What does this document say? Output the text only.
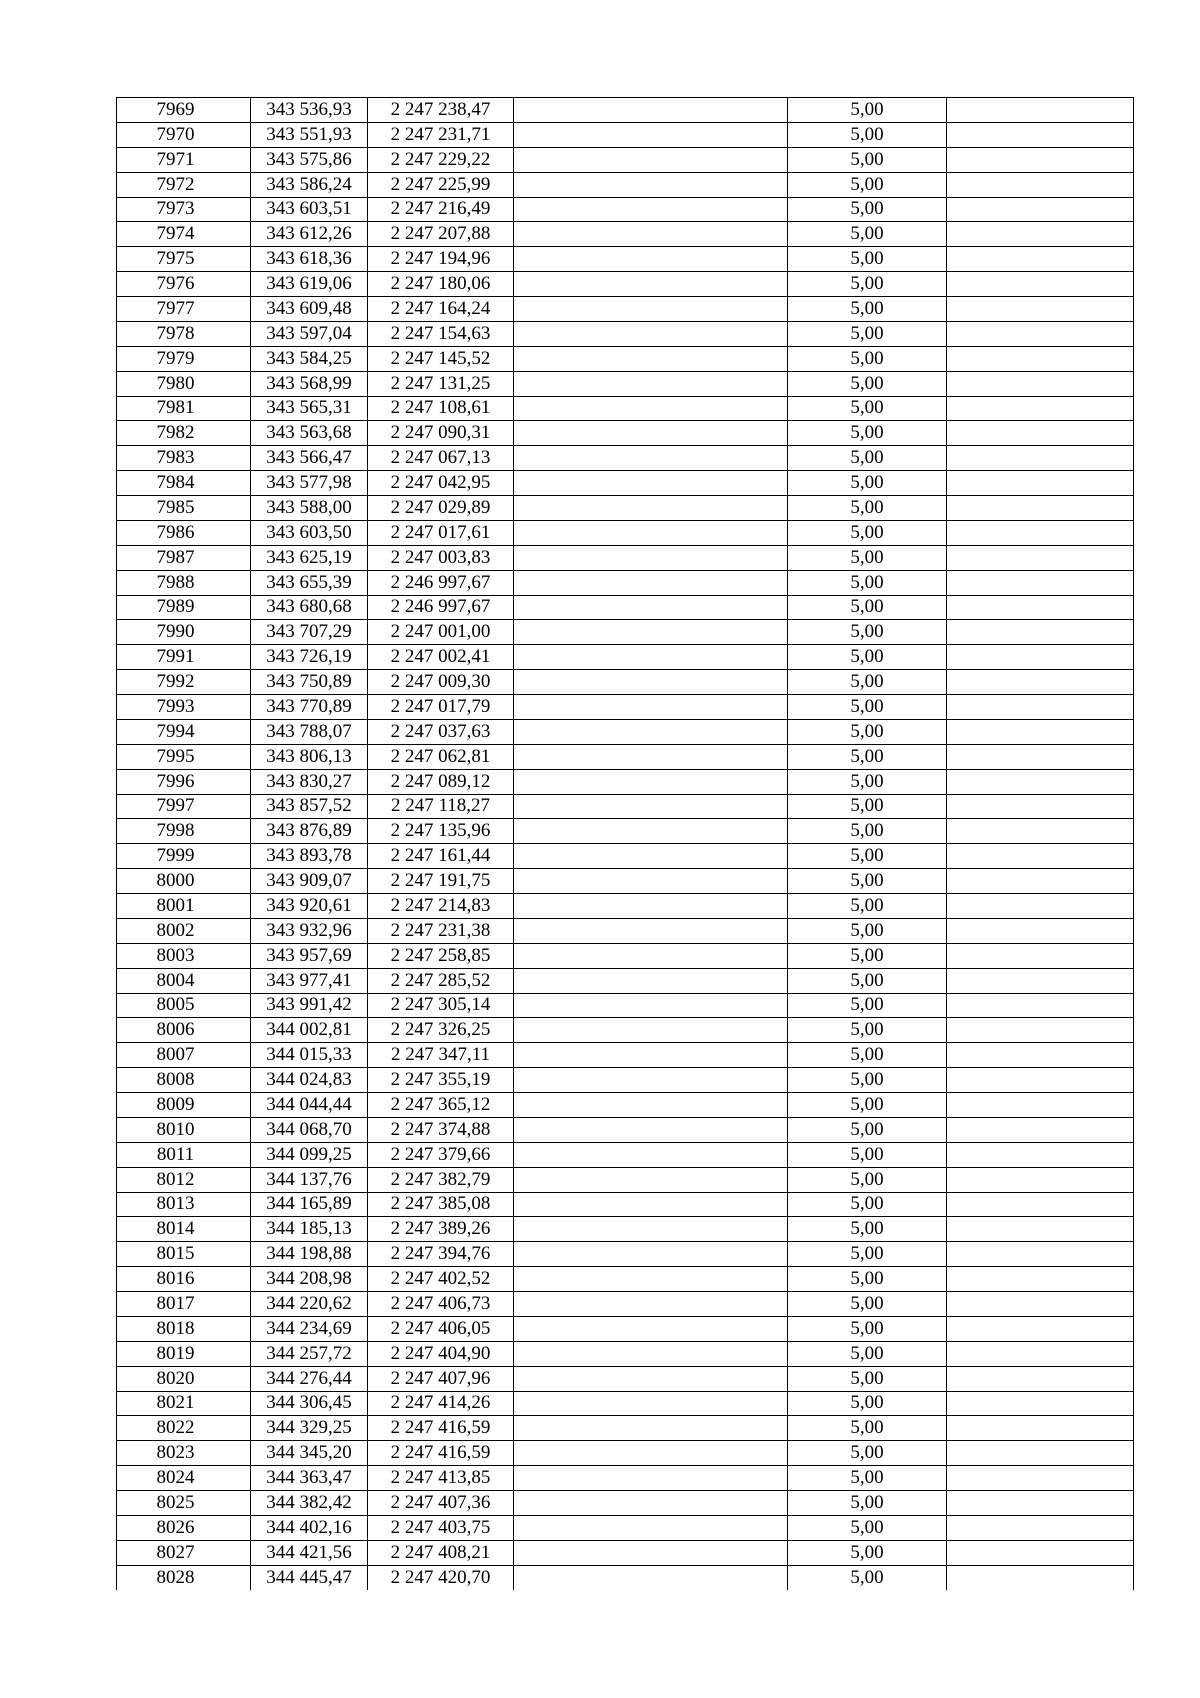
7969	343 536,93	2 247 238,47		5,00	
7970	343 551,93	2 247 231,71		5,00	
7971	343 575,86	2 247 229,22		5,00	
7972	343 586,24	2 247 225,99		5,00	
7973	343 603,51	2 247 216,49		5,00	
7974	343 612,26	2 247 207,88		5,00	
7975	343 618,36	2 247 194,96		5,00	
7976	343 619,06	2 247 180,06		5,00	
7977	343 609,48	2 247 164,24		5,00	
7978	343 597,04	2 247 154,63		5,00	
7979	343 584,25	2 247 145,52		5,00	
7980	343 568,99	2 247 131,25		5,00	
7981	343 565,31	2 247 108,61		5,00	
7982	343 563,68	2 247 090,31		5,00	
7983	343 566,47	2 247 067,13		5,00	
7984	343 577,98	2 247 042,95		5,00	
7985	343 588,00	2 247 029,89		5,00	
7986	343 603,50	2 247 017,61		5,00	
7987	343 625,19	2 247 003,83		5,00	
7988	343 655,39	2 246 997,67		5,00	
7989	343 680,68	2 246 997,67		5,00	
7990	343 707,29	2 247 001,00		5,00	
7991	343 726,19	2 247 002,41		5,00	
7992	343 750,89	2 247 009,30		5,00	
7993	343 770,89	2 247 017,79		5,00	
7994	343 788,07	2 247 037,63		5,00	
7995	343 806,13	2 247 062,81		5,00	
7996	343 830,27	2 247 089,12		5,00	
7997	343 857,52	2 247 118,27		5,00	
7998	343 876,89	2 247 135,96		5,00	
7999	343 893,78	2 247 161,44		5,00	
8000	343 909,07	2 247 191,75		5,00	
8001	343 920,61	2 247 214,83		5,00	
8002	343 932,96	2 247 231,38		5,00	
8003	343 957,69	2 247 258,85		5,00	
8004	343 977,41	2 247 285,52		5,00	
8005	343 991,42	2 247 305,14		5,00	
8006	344 002,81	2 247 326,25		5,00	
8007	344 015,33	2 247 347,11		5,00	
8008	344 024,83	2 247 355,19		5,00	
8009	344 044,44	2 247 365,12		5,00	
8010	344 068,70	2 247 374,88		5,00	
8011	344 099,25	2 247 379,66		5,00	
8012	344 137,76	2 247 382,79		5,00	
8013	344 165,89	2 247 385,08		5,00	
8014	344 185,13	2 247 389,26		5,00	
8015	344 198,88	2 247 394,76		5,00	
8016	344 208,98	2 247 402,52		5,00	
8017	344 220,62	2 247 406,73		5,00	
8018	344 234,69	2 247 406,05		5,00	
8019	344 257,72	2 247 404,90		5,00	
8020	344 276,44	2 247 407,96		5,00	
8021	344 306,45	2 247 414,26		5,00	
8022	344 329,25	2 247 416,59		5,00	
8023	344 345,20	2 247 416,59		5,00	
8024	344 363,47	2 247 413,85		5,00	
8025	344 382,42	2 247 407,36		5,00	
8026	344 402,16	2 247 403,75		5,00	
8027	344 421,56	2 247 408,21		5,00	
8028	344 445,47	2 247 420,70		5,00	
